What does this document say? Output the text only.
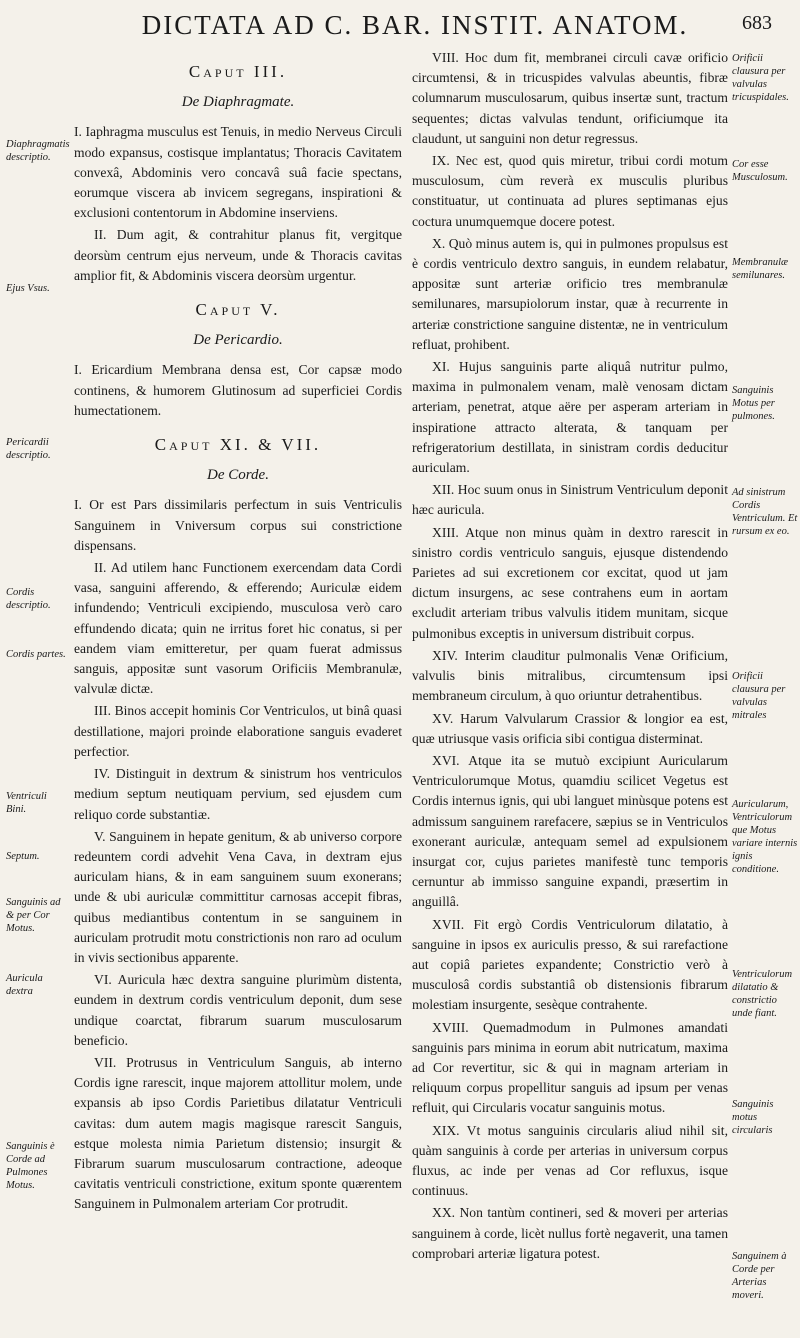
DICTATA AD C. BAR. INSTIT. ANATOM.	683
Diaphragmatis descriptio.
Ejus Vsus.
Pericardii descriptio.
Cordis descriptio.
Cordis partes.
Ventriculi Bini.
Septum.
Sanguinis ad & per Cor Motus.
Auricula dextra
Sanguinis è Corde ad Pulmones Motus.
Orificii clausura per valvulas tricuspidales.
Cor esse Musculosum.
Membranulæ semilunares.
Sanguinis Motus per pulmones.
Ad sinistrum Cordis Ventriculum. Et rursum ex eo.
Orificii clausura per valvulas mitrales
Auricularum, Ventriculorum que Motus variare internis ignis conditione.
Ventriculorum dilatatio & constrictio unde fiant.
Sanguinis motus circularis
Sanguinem à Corde per Arterias moveri.
Caput III.
De Diaphragmate.

I. Iaphragma musculus est Tenuis, in medio Nerveus Circuli modo expansus, costisque implantatus; Thoracis Cavitatem convexâ, Abdominis vero concavâ suâ facie spectans, eorumque viscera ab invicem segregans, inspirationi & exclusioni contentorum in Abdomine inserviens.

II. Dum agit, & contrahitur planus fit, vergitque deorsùm centrum ejus nerveum, unde & Thoracis cavitas amplior fit, & Abdominis viscera deorsùm urgentur.

Caput V.
De Pericardio.

I. Ericardium Membrana densa est, Cor capsæ modo continens, & humorem Glutinosum ad superficiei Cordis humectationem.

Caput XI. & VII.
De Corde.

I. Or est Pars dissimilaris perfectum in suis Ventriculis Sanguinem in Vniversum corpus sui constrictione dispensans.

II. Ad utilem hanc Functionem exercendam data Cordi vasa, sanguini afferendo, & efferendo; Auriculæ eidem infundendo; Ventriculi excipiendo, musculosa verò caro effundendo dicata; quin ne irritus foret hic conatus, si per eandem viam emitteretur, per quam fuerat admissus sanguis, appositæ sunt vasorum Orificiis Membranulæ, valvulæ dictæ.

III. Binos accepit hominis Cor Ventriculos, ut binâ quasi destillatione, majori proinde elaboratione sanguis evaderet perfectior.

IV. Distinguit in dextrum & sinistrum hos ventriculos medium septum neutiquam pervium, sed ejusdem cum reliquo corde substantiæ.

V. Sanguinem in hepate genitum, & ab universo corpore redeuntem cordi advehit Vena Cava, in dextram ejus auriculam hians, & in eam sanguinem suum exonerans; unde & ubi auriculæ committitur carnosas accepit fibras, quibus mediantibus contentum in se sanguinem in auriculam protrudit motu constrictionis non raro ad oculum in vivis sectionibus apparente.

VI. Auricula hæc dextra sanguine plurimùm distenta, eundem in dextrum cordis ventriculum deponit, dum sese undique coarctat, fibrarum suarum musculosarum beneficio.

VII. Protrusus in Ventriculum Sanguis, ab interno Cordis igne rarescit, inque majorem attollitur molem, unde expansis ab ipso Cordis Parietibus dilatatur Ventriculi cavitas: dum autem magis magisque rarescit Sanguis, estque molesta nimia Parietum distensio; insurgit & Fibrarum suarum musculosarum contractione, adeoque cavitatis ventriculi constrictione, exitum sponte quærentem Sanguinem in Pulmonalem arteriam Cor protrudit.

VIII. Hoc dum fit, membranei circuli cavæ orificio circumtensi, & in tricuspides valvulas abeuntis, fibræ columnarum musculosarum, quibus insertæ sunt, tractum sequentes; dictas valvulas tendunt, orificiumque ita claudunt, ut sanguini non detur regressus.

IX. Nec est, quod quis miretur, tribui cordi motum musculosum, cùm reverà ex musculis pluribus constituatur, ut continuata ad plures septimanas ejus coctura unumquemque docere potest.

X. Quò minus autem is, qui in pulmones propulsus est è cordis ventriculo dextro sanguis, in eundem relabatur, appositæ sunt arteriæ orificio tres membranulæ semilunares, marsupiolorum instar, quæ à recurrente in arteriæ constrictione sanguine distentæ, ne in ventriculum refluat, prohibent.

XI. Hujus sanguinis parte aliquâ nutritur pulmo, maxima in pulmonalem venam, malè venosam dictam arteriam, penetrat, atque aëre per asperam arteriam in inspiratione attracto alterata, & tanquam per refrigeratorium destillata, in sinistram cordis deducitur auriculam.

XII. Hoc suum onus in Sinistrum Ventriculum deponit hæc auricula.

XIII. Atque non minus quàm in dextro rarescit in sinistro cordis ventriculo sanguis, ejusque distendendo Parietes ad sui excretionem cor excitat, quod ut jam dictum insurgens, ac sese contrahens eum in aortam excludit arteriam tribus valvulis itidem munitam, sicque pulmonibus exceptis in universum distribuit corpus.

XIV. Interim clauditur pulmonalis Venæ Orificium, valvulis binis mitralibus, circumtensum ipsi membraneum circulum, à quo oriuntur detrahentibus.

XV. Harum Valvularum Crassior & longior ea est, quæ utriusque vasis orificia sibi contigua disterminat.

XVI. Atque ita se mutuò excipiunt Auricularum Ventriculorumque Motus, quamdiu scilicet Vegetus est Cordis internus ignis, qui ubi languet minùsque potens est admissum sanguinem rarefacere, sæpius se in Ventriculos exonerant auriculæ, antequam semel ad expulsionem insurgat cor, cujus parietes manifestè tunc temporis cernuntur ab immisso sanguine expandi, præsertim in anguillâ.

XVII. Fit ergò Cordis Ventriculorum dilatatio, à sanguine in ipsos ex auriculis presso, & sui rarefactione aut copiâ parietes expandente; Constrictio verò à musculosâ cordis substantiâ ob distensionis fibrarum molestiam insurgente, sesèque contrahente.

XVIII. Quemadmodum in Pulmones amandati sanguinis pars minima in eorum abit nutricatum, maxima ad Cor revertitur, sic & qui in magnam arteriam in reliquum corpus propellitur sanguis ad ipsum per venas refluit, qui Circularis vocatur sanguinis motus.

XIX. Vt motus sanguinis circularis aliud nihil sit, quàm sanguinis à corde per arterias in universum corpus fluxus, ac inde per venas ad Cor refluxus, isque continuus.

XX. Non tantùm contineri, sed & moveri per arterias sanguinem à corde, licèt nullus fortè negaverit, una tamen comprobari arteriæ ligatura potest.
